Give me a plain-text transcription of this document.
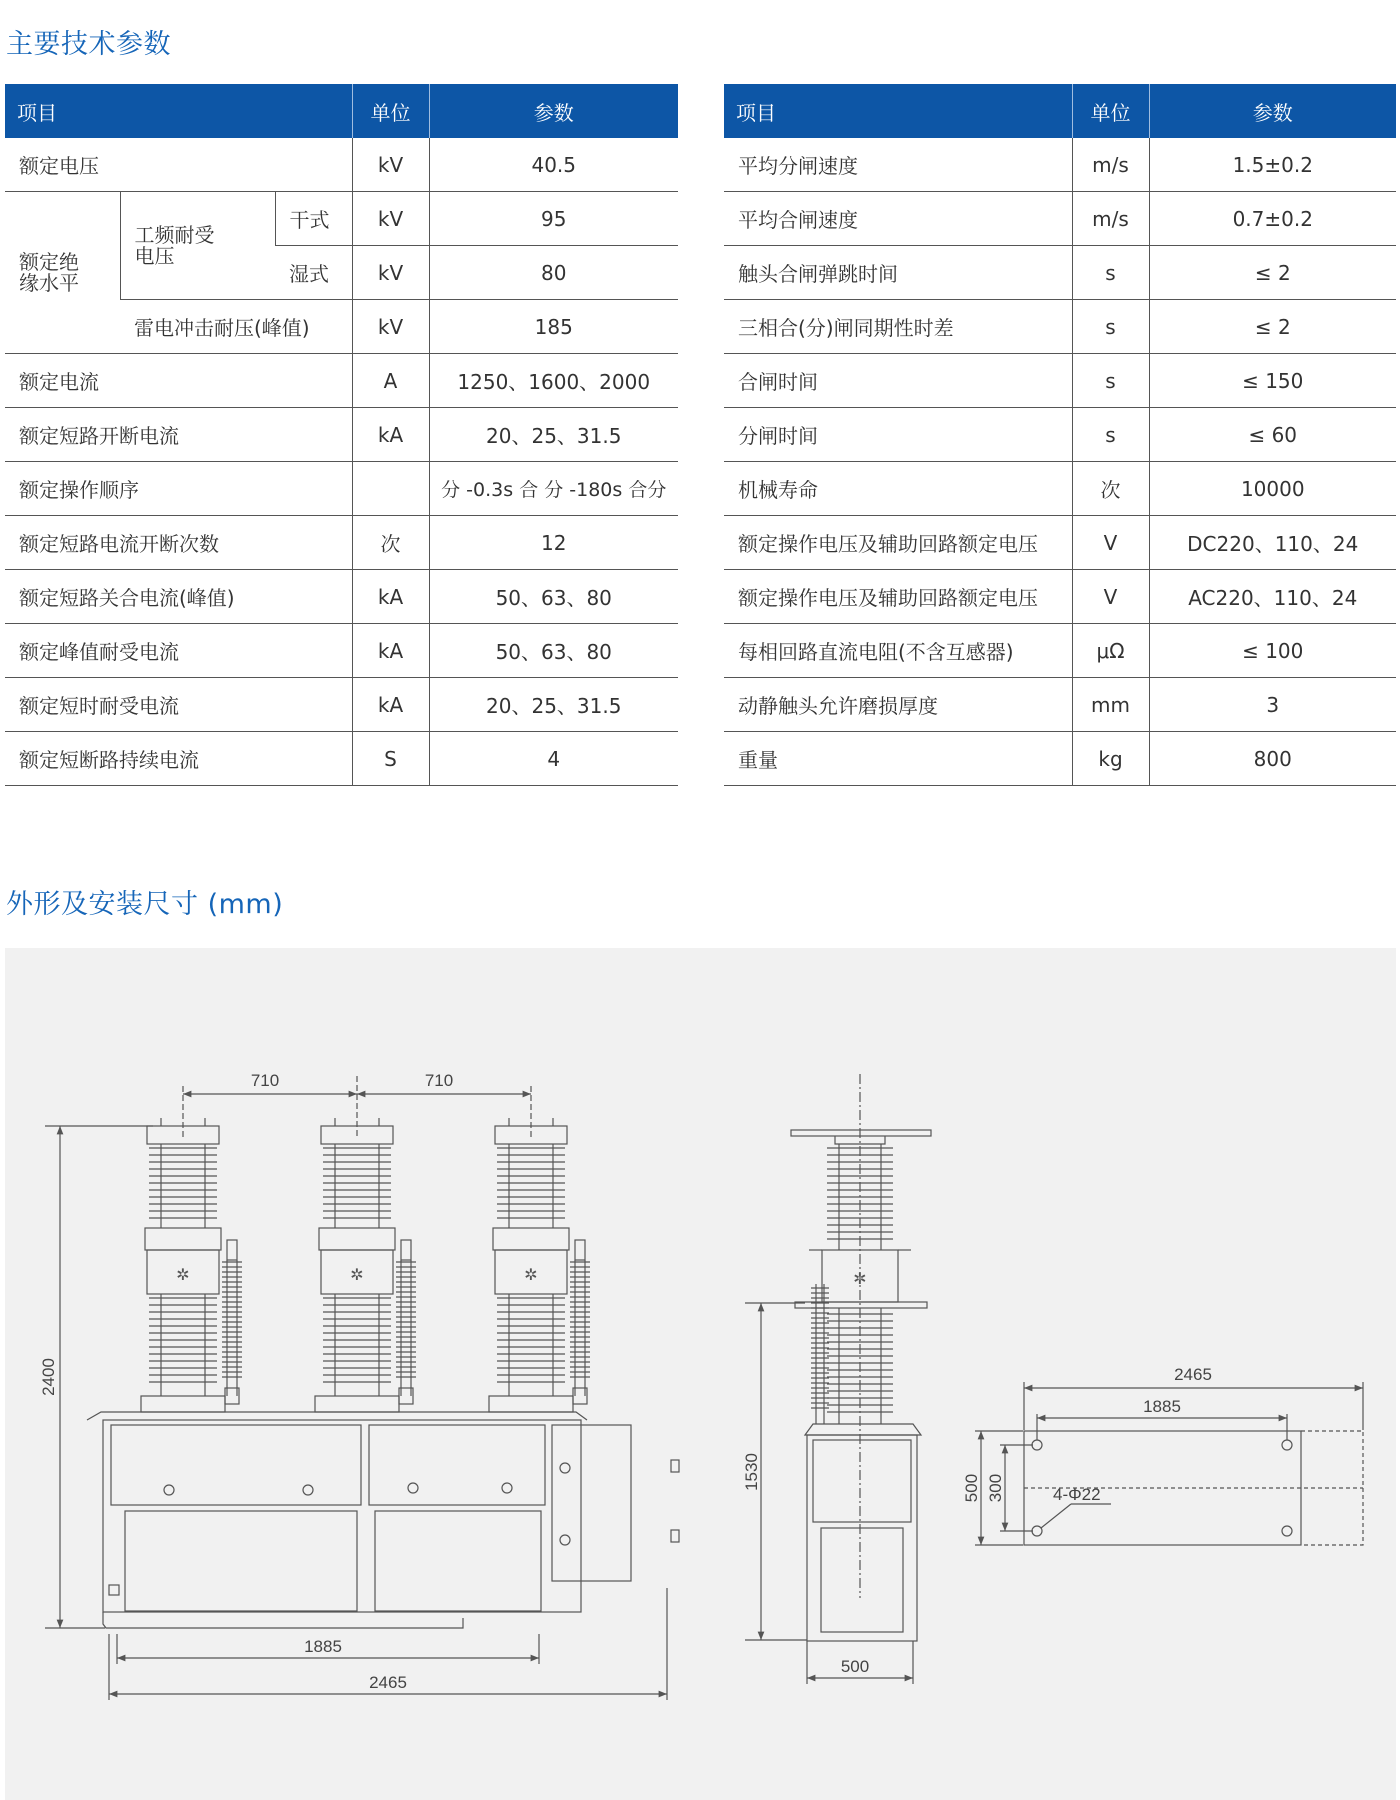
主要技术参数
项目			单位	参数
额定电压			kV	40.5

额定绝缘水平	工频耐受电压	干式	kV	95
		湿式	kV	80
	雷电冲击耐压(峰值)		kV	185
额定电流			A	1250、1600、2000
额定短路开断电流			kA	20、25、31.5
额定操作顺序				分 -0.3s 合 分 -180s 合分
额定短路电流开断次数			次	12
额定短路关合电流(峰值)			kA	50、63、80
额定峰值耐受电流			kA	50、63、80
额定短时耐受电流			kA	20、25、31.5
额定短断路持续电流			S	4
项目	单位	参数
平均分闸速度	m/s	1.5±0.2
平均合闸速度	m/s	0.7±0.2
触头合闸弹跳时间	s	≤ 2
三相合(分)闸同期性时差	s	≤ 2
合闸时间	s	≤ 150
分闸时间	s	≤ 60
机械寿命	次	10000
额定操作电压及辅助回路额定电压	V	DC220、110、24
额定操作电压及辅助回路额定电压	V	AC220、110、24
每相回路直流电阻(不含互感器)	μΩ	≤ 100
动静触头允许磨损厚度	mm	3
重量	kg	800
外形及安装尺寸 (mm)
✲	✲	✲
710	710
2400
1885
2465
✲
1530
500
2465
1885
500 300	4-Φ22
